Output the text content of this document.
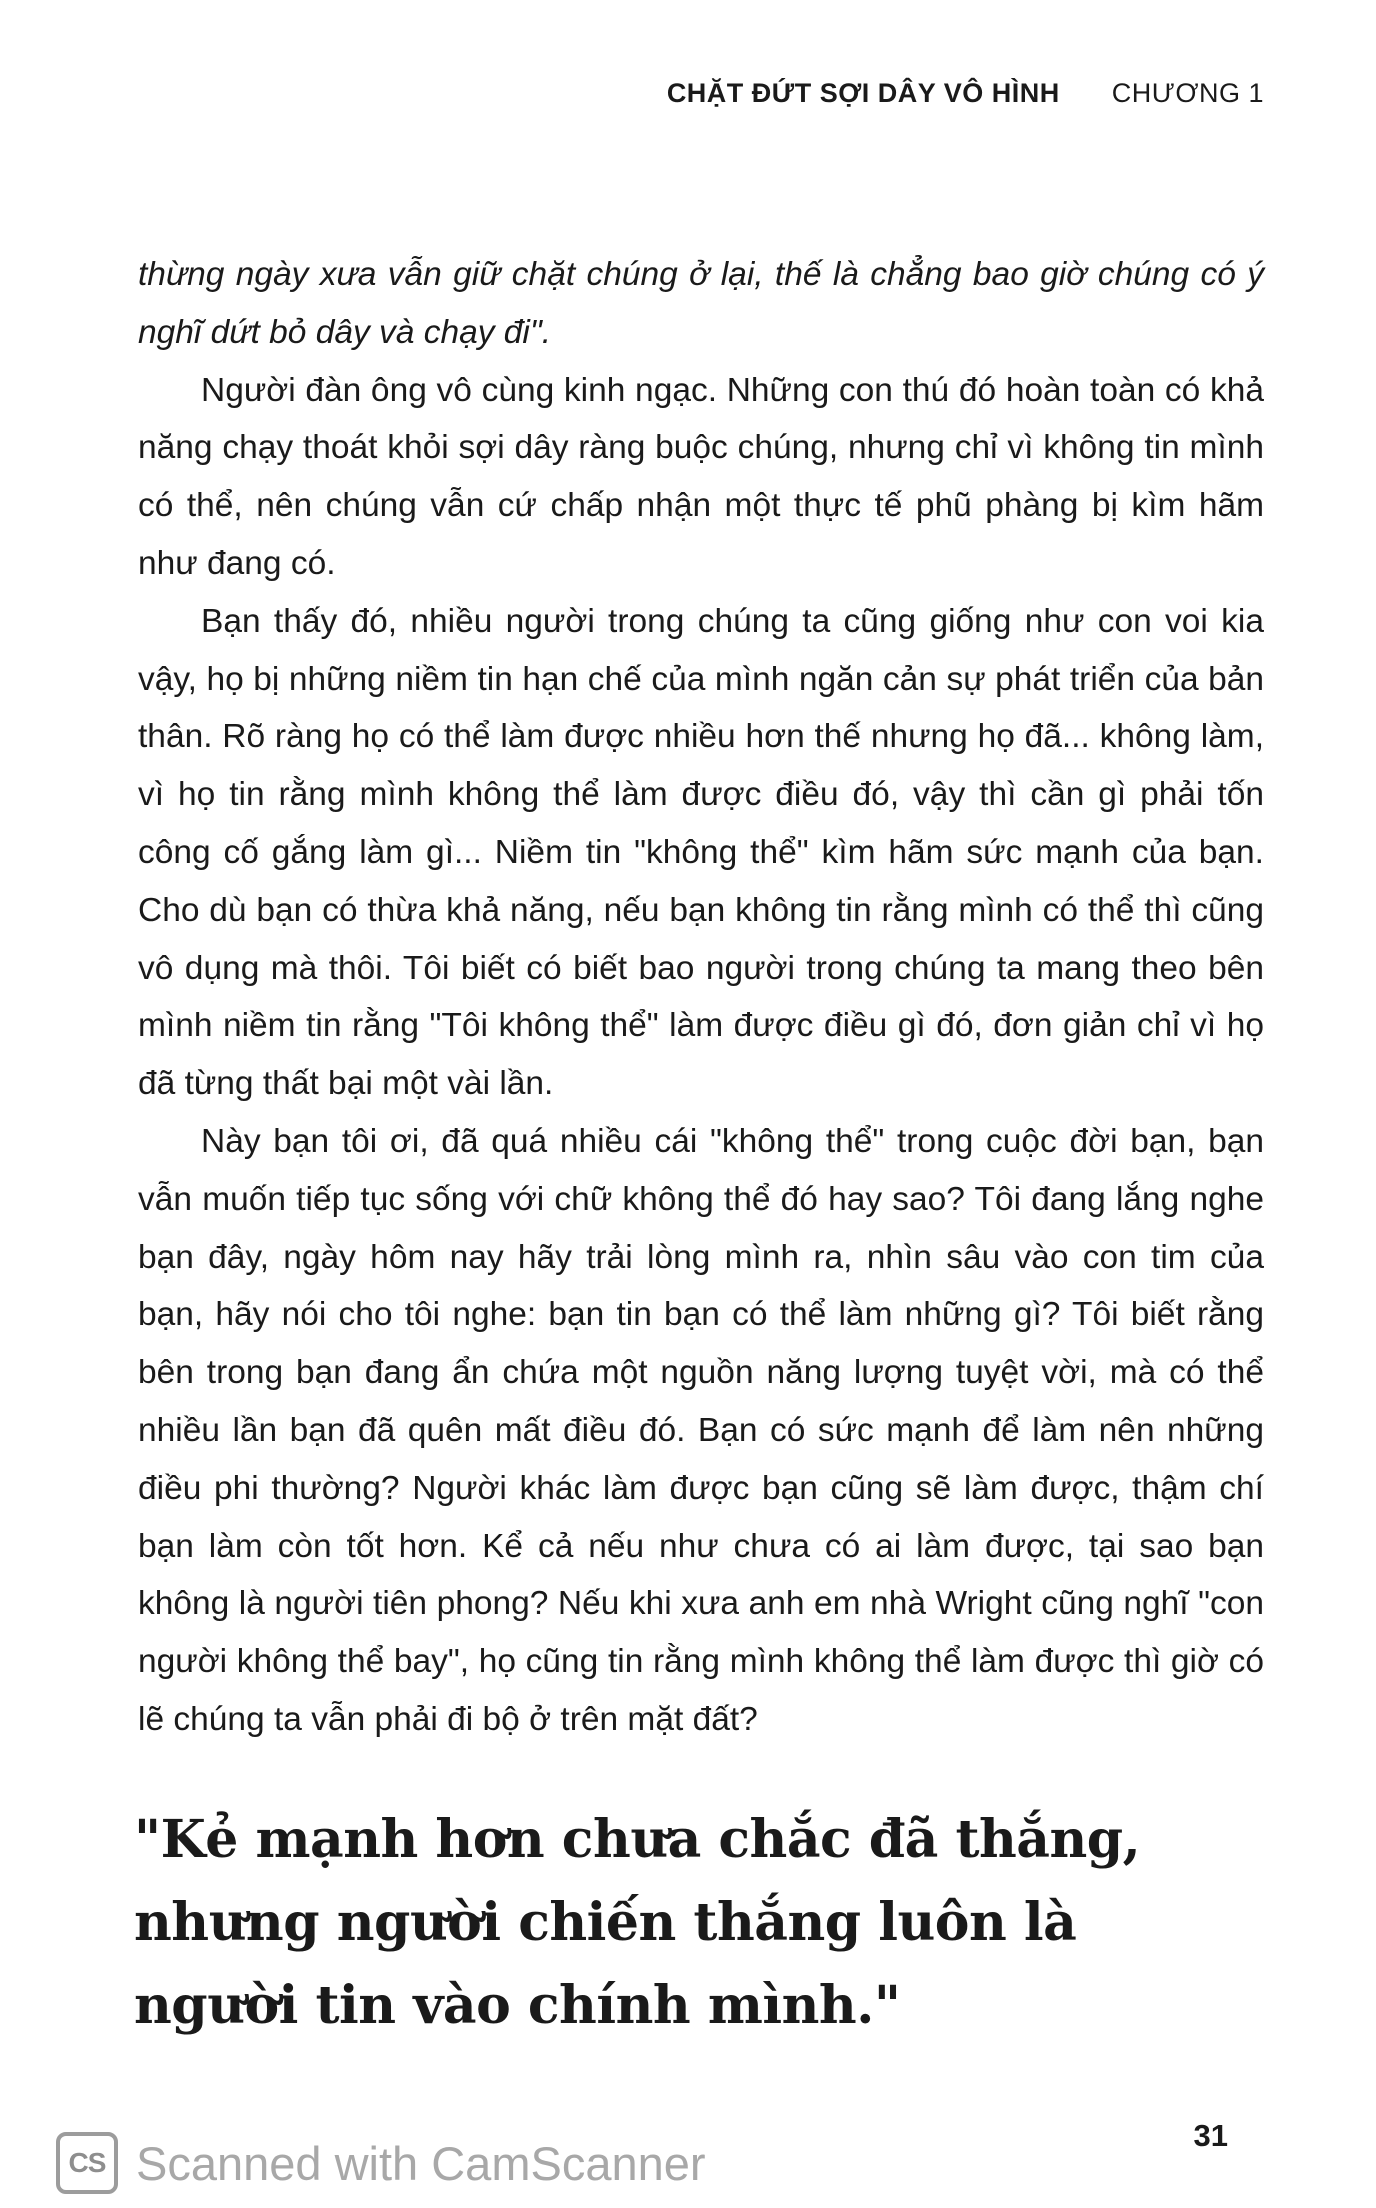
CHẶT ĐỨT SỢI DÂY VÔ HÌNH CHƯƠNG 1

thừng ngày xưa vẫn giữ chặt chúng ở lại, thế là chẳng bao giờ chúng có ý nghĩ dứt bỏ dây và chạy đi".

Người đàn ông vô cùng kinh ngạc. Những con thú đó hoàn toàn có khả năng chạy thoát khỏi sợi dây ràng buộc chúng, nhưng chỉ vì không tin mình có thể, nên chúng vẫn cứ chấp nhận một thực tế phũ phàng bị kìm hãm như đang có.

Bạn thấy đó, nhiều người trong chúng ta cũng giống như con voi kia vậy, họ bị những niềm tin hạn chế của mình ngăn cản sự phát triển của bản thân. Rõ ràng họ có thể làm được nhiều hơn thế nhưng họ đã... không làm, vì họ tin rằng mình không thể làm được điều đó, vậy thì cần gì phải tốn công cố gắng làm gì... Niềm tin "không thể" kìm hãm sức mạnh của bạn. Cho dù bạn có thừa khả năng, nếu bạn không tin rằng mình có thể thì cũng vô dụng mà thôi. Tôi biết có biết bao người trong chúng ta mang theo bên mình niềm tin rằng "Tôi không thể" làm được điều gì đó, đơn giản chỉ vì họ đã từng thất bại một vài lần.

Này bạn tôi ơi, đã quá nhiều cái "không thể" trong cuộc đời bạn, bạn vẫn muốn tiếp tục sống với chữ không thể đó hay sao? Tôi đang lắng nghe bạn đây, ngày hôm nay hãy trải lòng mình ra, nhìn sâu vào con tim của bạn, hãy nói cho tôi nghe: bạn tin bạn có thể làm những gì? Tôi biết rằng bên trong bạn đang ẩn chứa một nguồn năng lượng tuyệt vời, mà có thể nhiều lần bạn đã quên mất điều đó. Bạn có sức mạnh để làm nên những điều phi thường? Người khác làm được bạn cũng sẽ làm được, thậm chí bạn làm còn tốt hơn. Kể cả nếu như chưa có ai làm được, tại sao bạn không là người tiên phong? Nếu khi xưa anh em nhà Wright cũng nghĩ "con người không thể bay", họ cũng tin rằng mình không thể làm được thì giờ có lẽ chúng ta vẫn phải đi bộ ở trên mặt đất?

"Kẻ mạnh hơn chưa chắc đã thắng, nhưng người chiến thắng luôn là người tin vào chính mình."
31
CS Scanned with CamScanner
